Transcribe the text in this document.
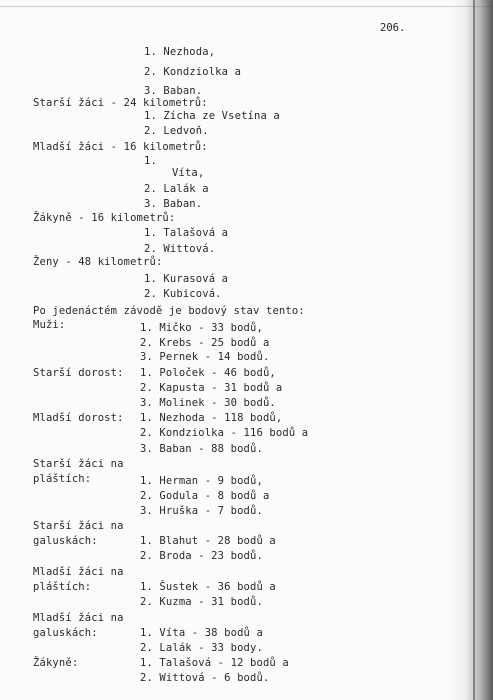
206.
1. Nezhoda,
2. Kondziolka a
3. Baban.
Starší žáci - 24 kilometrů:
1. Zícha ze Vsetína a
2. Ledvoň.
Mladší žáci - 16 kilometrů:
1.
Víta,
2. Lalák a
3. Baban.
Žákyně - 16 kilometrů:
1. Talašová a
2. Wittová.
Ženy - 48 kilometrů:
1. Kurasová a
2. Kubicová.
Po jedenáctém závodě je bodový stav tento:
Muži:	1. Mičko - 33 bodů,
2. Krebs - 25 bodů a
3. Pernek - 14 bodů.
Starší dorost: 1. Poloček - 46 bodů,
2. Kapusta - 31 bodů a
3. Molinek - 30 bodů.
Mladší dorost: 1. Nezhoda - 118 bodů,
2. Kondziolka - 116 bodů a
3. Baban - 88 bodů.
Starší žáci na
pláštích:	1. Herman - 9 bodů,
2. Godula - 8 bodů a
3. Hruška - 7 bodů.
Starší žáci na
galuskách:	1. Blahut - 28 bodů a
2. Broda - 23 bodů.
Mladší žáci na
pláštích:	1. Šustek - 36 bodů a
2. Kuzma - 31 bodů.
Mladší žáci na
galuskách:	1. Víta - 38 bodů a
2. Lalák - 33 body.
Žákyně:	1. Talašová - 12 bodů a
2. Wittová - 6 bodů.
